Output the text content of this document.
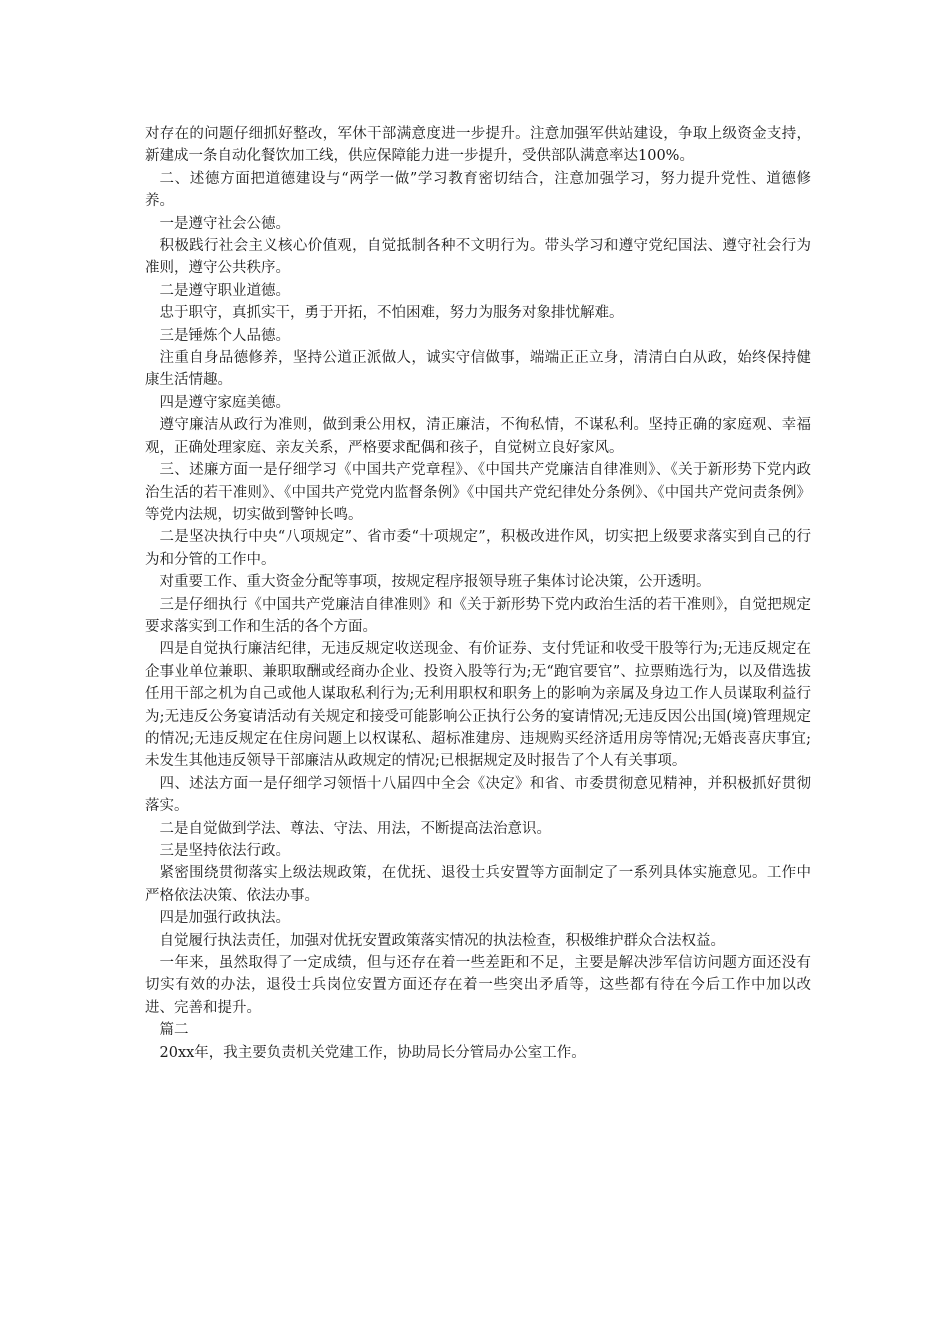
对存在的问题仔细抓好整改，军休干部满意度进一步提升。注意加强军供站建设，争取上级资金支持，新建成一条自动化餐饮加工线，供应保障能力进一步提升，受供部队满意率达100%。

二、述德方面把道德建设与“两学一做”学习教育密切结合，注意加强学习，努力提升党性、道德修养。

一是遵守社会公德。

积极践行社会主义核心价值观，自觉抵制各种不文明行为。带头学习和遵守党纪国法、遵守社会行为准则，遵守公共秩序。

二是遵守职业道德。

忠于职守，真抓实干，勇于开拓，不怕困难，努力为服务对象排忧解难。

三是锤炼个人品德。

注重自身品德修养，坚持公道正派做人，诚实守信做事，端端正正立身，清清白白从政，始终保持健康生活情趣。

四是遵守家庭美德。

遵守廉洁从政行为准则，做到秉公用权，清正廉洁，不徇私情，不谋私利。坚持正确的家庭观、幸福观，正确处理家庭、亲友关系，严格要求配偶和孩子，自觉树立良好家风。

三、述廉方面一是仔细学习《中国共产党章程》、《中国共产党廉洁自律准则》、《关于新形势下党内政治生活的若干准则》、《中国共产党党内监督条例》《中国共产党纪律处分条例》、《中国共产党问责条例》等党内法规，切实做到警钟长鸣。

二是坚决执行中央“八项规定”、省市委“十项规定”，积极改进作风，切实把上级要求落实到自己的行为和分管的工作中。

对重要工作、重大资金分配等事项，按规定程序报领导班子集体讨论决策，公开透明。

三是仔细执行《中国共产党廉洁自律准则》和《关于新形势下党内政治生活的若干准则》，自觉把规定要求落实到工作和生活的各个方面。

四是自觉执行廉洁纪律，无违反规定收送现金、有价证券、支付凭证和收受干股等行为;无违反规定在企事业单位兼职、兼职取酬或经商办企业、投资入股等行为;无“跑官要官”、拉票贿选行为，以及借选拔任用干部之机为自己或他人谋取私利行为;无利用职权和职务上的影响为亲属及身边工作人员谋取利益行为;无违反公务宴请活动有关规定和接受可能影响公正执行公务的宴请情况;无违反因公出国(境)管理规定的情况;无违反规定在住房问题上以权谋私、超标准建房、违规购买经济适用房等情况;无婚丧喜庆事宜;未发生其他违反领导干部廉洁从政规定的情况;已根据规定及时报告了个人有关事项。

四、述法方面一是仔细学习领悟十八届四中全会《决定》和省、市委贯彻意见精神，并积极抓好贯彻落实。

二是自觉做到学法、尊法、守法、用法，不断提高法治意识。

三是坚持依法行政。

紧密围绕贯彻落实上级法规政策，在优抚、退役士兵安置等方面制定了一系列具体实施意见。工作中严格依法决策、依法办事。

四是加强行政执法。

自觉履行执法责任，加强对优抚安置政策落实情况的执法检查，积极维护群众合法权益。

一年来，虽然取得了一定成绩，但与还存在着一些差距和不足，主要是解决涉军信访问题方面还没有切实有效的办法，退役士兵岗位安置方面还存在着一些突出矛盾等，这些都有待在今后工作中加以改进、完善和提升。

篇二

20xx年，我主要负责机关党建工作，协助局长分管局办公室工作。
